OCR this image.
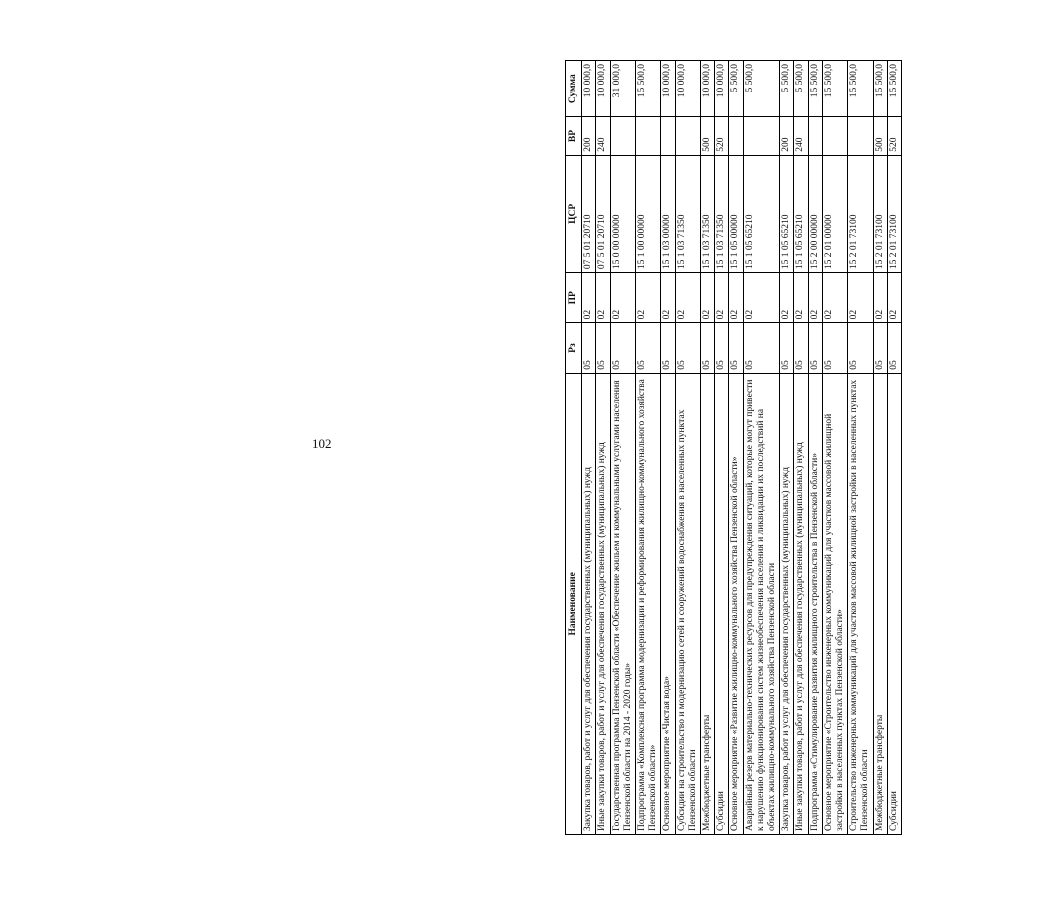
102
Наименование	Рз	ПР	ЦСР	ВР	Сумма
Закупка товаров, работ и услуг для обеспечения государственных (муниципальных) нужд	05	02	07 5 01 20710	200	10 000,0
Иные закупки товаров, работ и услуг для обеспечения государственных (муниципальных) нужд	05	02	07 5 01 20710	240	10 000,0
Государственная программа Пензенской области «Обеспечение жильем и коммунальными услугами населения Пензенской области на 2014 - 2020 годы»	05	02	15 0 00 00000		31 000,0
Подпрограмма «Комплексная программа модернизации и реформирования жилищно-коммунального хозяйства Пензенской области»	05	02	15 1 00 00000		15 500,0
Основное мероприятие «Чистая вода»	05	02	15 1 03 00000		10 000,0
Субсидии на строительство и модернизацию сетей и сооружений водоснабжения в населенных пунктах Пензенской области	05	02	15 1 03 71350		10 000,0
Межбюджетные трансферты	05	02	15 1 03 71350	500	10 000,0
Субсидии	05	02	15 1 03 71350	520	10 000,0
Основное мероприятие «Развитие жилищно-коммунального хозяйства Пензенской области»	05	02	15 1 05 00000		5 500,0
Аварийный резерв материально-технических ресурсов для предупреждения ситуаций, которые могут привести к нарушению функционирования систем жизнеобеспечения населения и ликвидации их последствий на объектах жилищно-коммунального хозяйства Пензенской области	05	02	15 1 05 65210		5 500,0
Закупка товаров, работ и услуг для обеспечения государственных (муниципальных) нужд	05	02	15 1 05 65210	200	5 500,0
Иные закупки товаров, работ и услуг для обеспечения государственных (муниципальных) нужд	05	02	15 1 05 65210	240	5 500,0
Подпрограмма «Стимулирование развития жилищного строительства в Пензенской области»	05	02	15 2 00 00000		15 500,0
Основное мероприятие «Строительство инженерных коммуникаций для участков массовой жилищной застройки в населенных пунктах Пензенской области»	05	02	15 2 01 00000		15 500,0
Строительство инженерных коммуникаций для участков массовой жилищной застройки в населенных пунктах Пензенской области	05	02	15 2 01 73100		15 500,0
Межбюджетные трансферты	05	02	15 2 01 73100	500	15 500,0
Субсидии	05	02	15 2 01 73100	520	15 500,0
